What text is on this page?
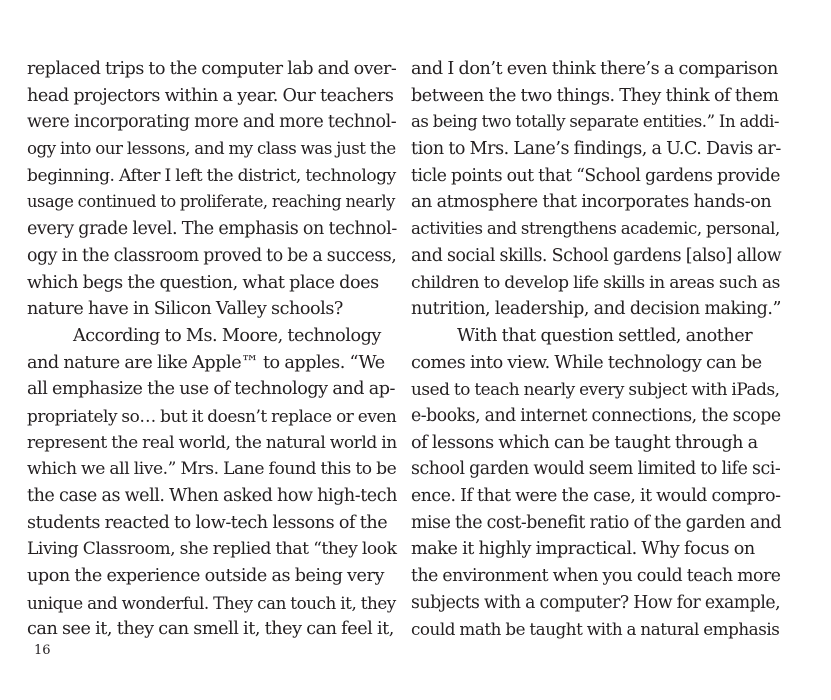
replaced trips to the computer lab and over-
head projectors within a year. Our teachers
were incorporating more and more technol-
ogy into our lessons, and my class was just the
beginning. After I left the district, technology
usage continued to proliferate, reaching nearly
every grade level. The emphasis on technol-
ogy in the classroom proved to be a success,
which begs the question, what place does
nature have in Silicon Valley schools?
According to Ms. Moore, technology
and nature are like Apple™ to apples. “We
all emphasize the use of technology and ap-
propriately so… but it doesn’t replace or even
represent the real world, the natural world in
which we all live.” Mrs. Lane found this to be
the case as well. When asked how high-tech
students reacted to low-tech lessons of the
Living Classroom, she replied that “they look
upon the experience outside as being very
unique and wonderful. They can touch it, they
can see it, they can smell it, they can feel it,
and I don’t even think there’s a comparison
between the two things. They think of them
as being two totally separate entities.” In addi-
tion to Mrs. Lane’s findings, a U.C. Davis ar-
ticle points out that “School gardens provide
an atmosphere that incorporates hands-on
activities and strengthens academic, personal,
and social skills. School gardens [also] allow
children to develop life skills in areas such as
nutrition, leadership, and decision making.”
With that question settled, another
comes into view. While technology can be
used to teach nearly every subject with iPads,
e-books, and internet connections, the scope
of lessons which can be taught through a
school garden would seem limited to life sci-
ence. If that were the case, it would compro-
mise the cost-benefit ratio of the garden and
make it highly impractical. Why focus on
the environment when you could teach more
subjects with a computer? How for example,
could math be taught with a natural emphasis
16
